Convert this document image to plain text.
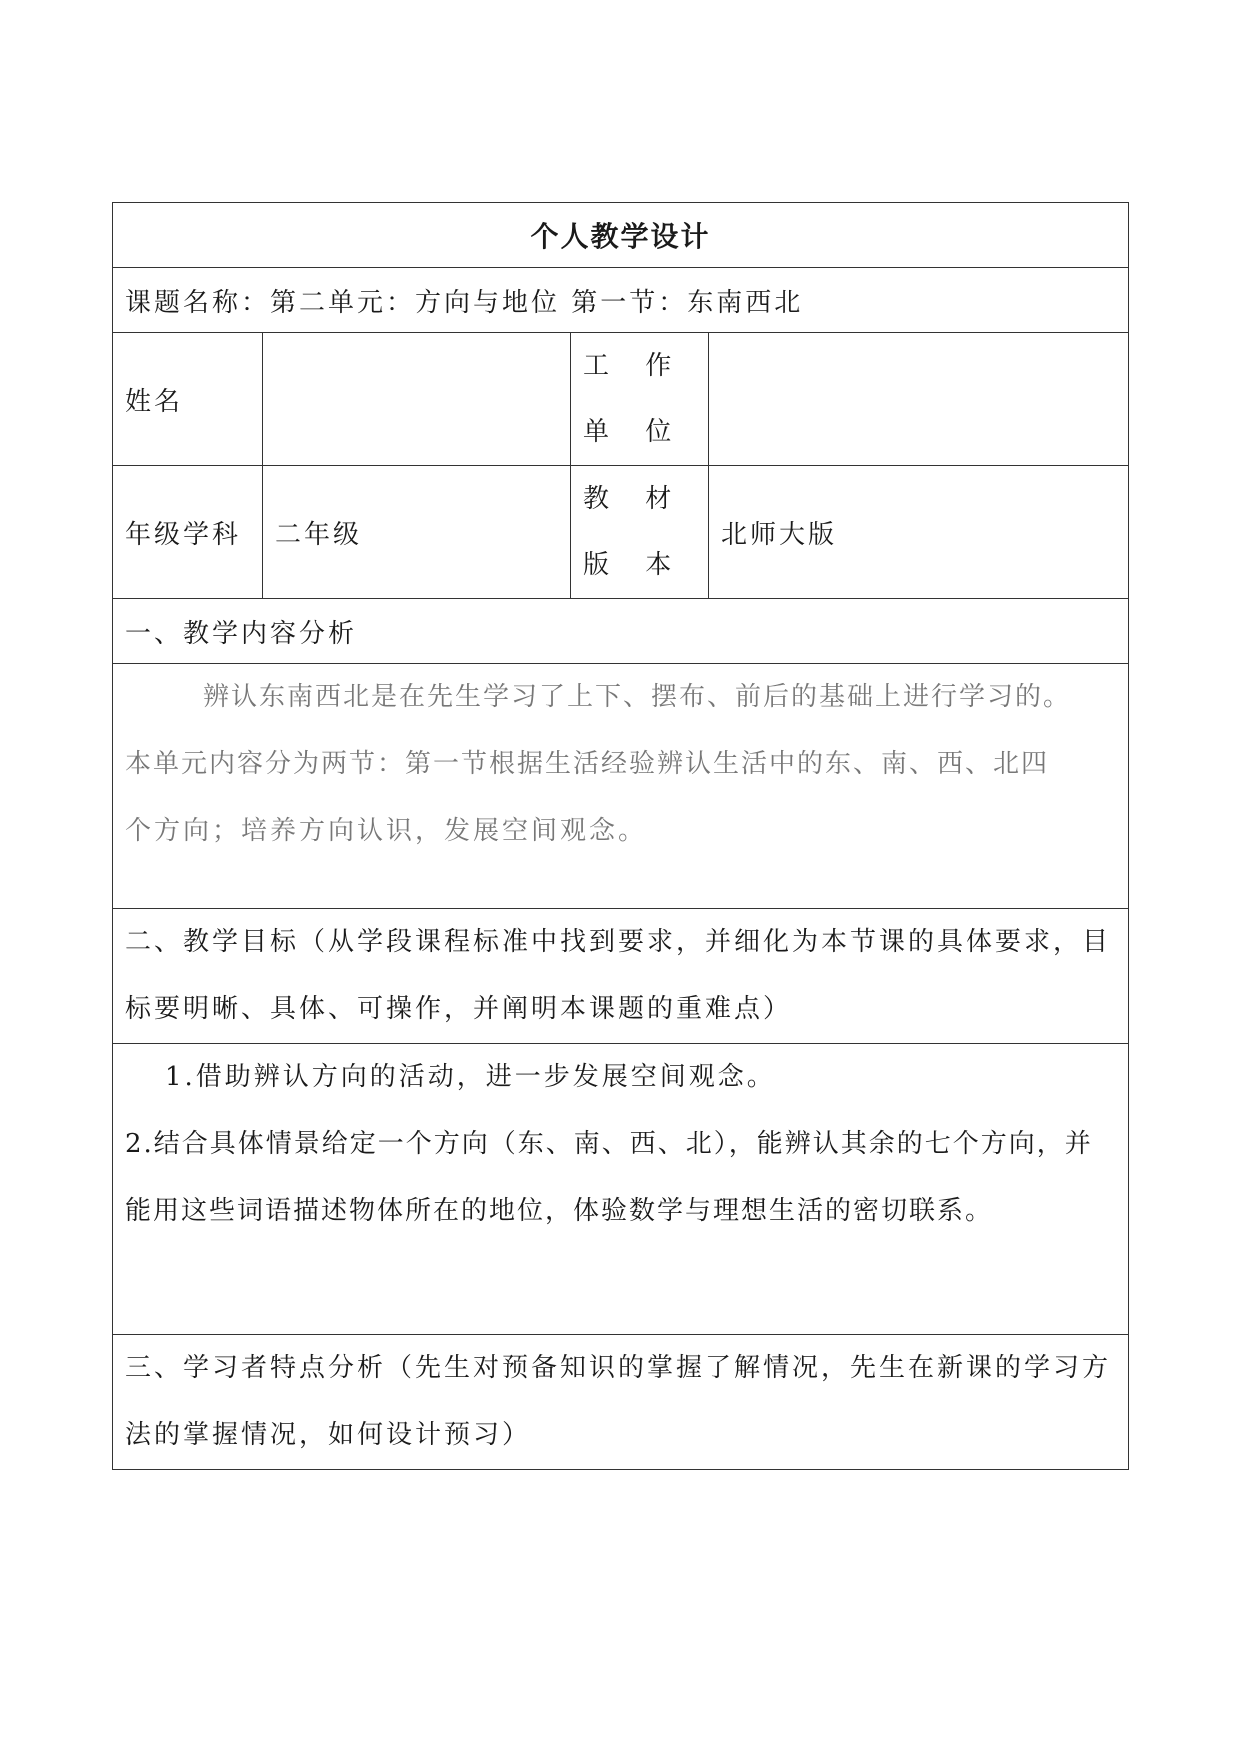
个人教学设计			
课题名称：第二单元：方向与地位 第一节：东南西北			
姓名		工 作 单 位	
年级学科	二年级	教 材 版 本	北师大版
一、教学内容分析			

辨认东南西北是在先生学习了上下、摆布、前后的基础上进行学习的。

本单元内容分为两节：第一节根据生活经验辨认生活中的东、南、西、北四

个方向；培养方向认识，发展空间观念。			

二、教学目标（从学段课程标准中找到要求，并细化为本节课的具体要求，目标要明晰、具体、可操作，并阐明本课题的重难点）			

1.借助辨认方向的活动，进一步发展空间观念。

2.结合具体情景给定一个方向（东、南、西、北），能辨认其余的七个方向，并能用这些词语描述物体所在的地位，体验数学与理想生活的密切联系。			

三、学习者特点分析（先生对预备知识的掌握了解情况，先生在新课的学习方法的掌握情况，如何设计预习）			
